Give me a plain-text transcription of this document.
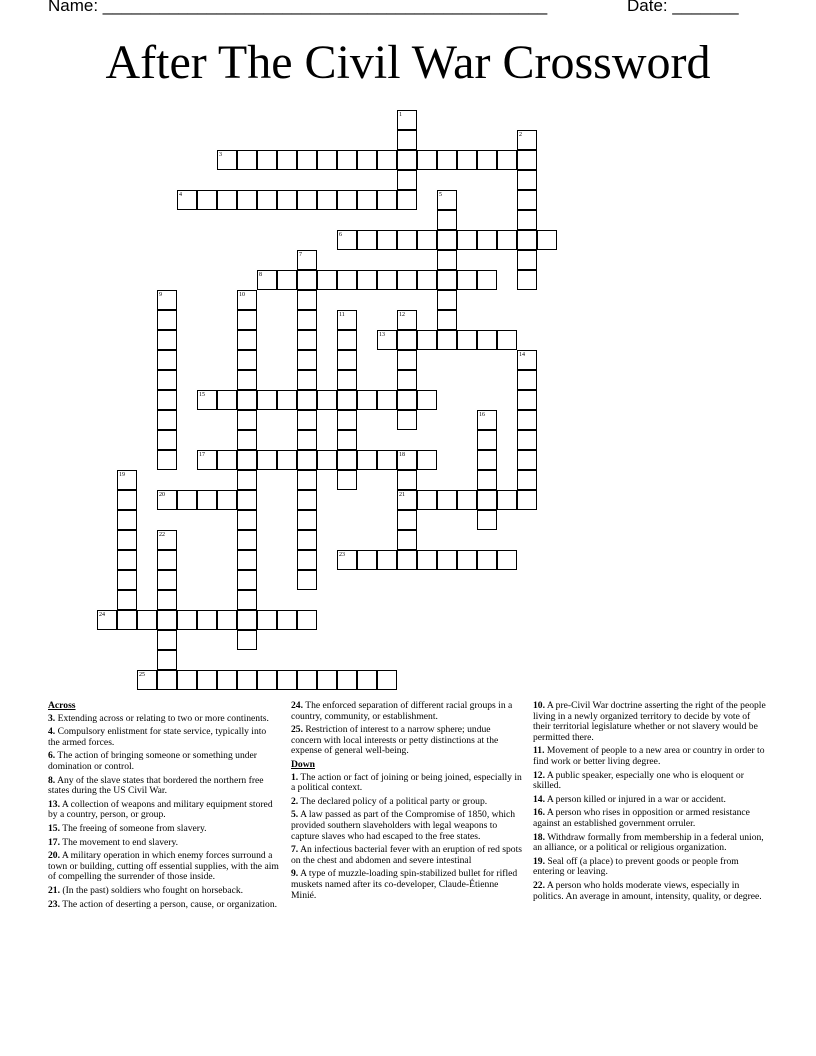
Name: _______________________________________________	Date: _______
After The Civil War Crossword
1
2
3
4	5
6
7
8
9	10
11	12
13
14
15
16
17	18
19
20	21
22
23
24
25
Across
3. Extending across or relating to two or more continents.
4. Compulsory enlistment for state service, typically into the armed forces.
6. The action of bringing someone or something under domination or control.
8. Any of the slave states that bordered the northern free states during the US Civil War.
13. A collection of weapons and military equipment stored by a country, person, or group.
15. The freeing of someone from slavery.
17. The movement to end slavery.
20. A military operation in which enemy forces surround a town or building, cutting off essential supplies, with the aim of compelling the surrender of those inside.
21. (In the past) soldiers who fought on horseback.
23. The action of deserting a person, cause, or organization.
24. The enforced separation of different racial groups in a country, community, or establishment.
25. Restriction of interest to a narrow sphere; undue concern with local interests or petty distinctions at the expense of general well-being.
Down
1. The action or fact of joining or being joined, especially in a political context.
2. The declared policy of a political party or group.
5. A law passed as part of the Compromise of 1850, which provided southern slaveholders with legal weapons to capture slaves who had escaped to the free states.
7. An infectious bacterial fever with an eruption of red spots on the chest and abdomen and severe intestinal
9. A type of muzzle-loading spin-stabilized bullet for rifled muskets named after its co-developer, Claude-Étienne Minié.
10. A pre-Civil War doctrine asserting the right of the people living in a newly organized territory to decide by vote of their territorial legislature whether or not slavery would be permitted there.
11. Movement of people to a new area or country in order to find work or better living degree.
12. A public speaker, especially one who is eloquent or skilled.
14. A person killed or injured in a war or accident.
16. A person who rises in opposition or armed resistance against an established government orruler.
18. Withdraw formally from membership in a federal union, an alliance, or a political or religious organization.
19. Seal off (a place) to prevent goods or people from entering or leaving.
22. A person who holds moderate views, especially in politics. An average in amount, intensity, quality, or degree.
